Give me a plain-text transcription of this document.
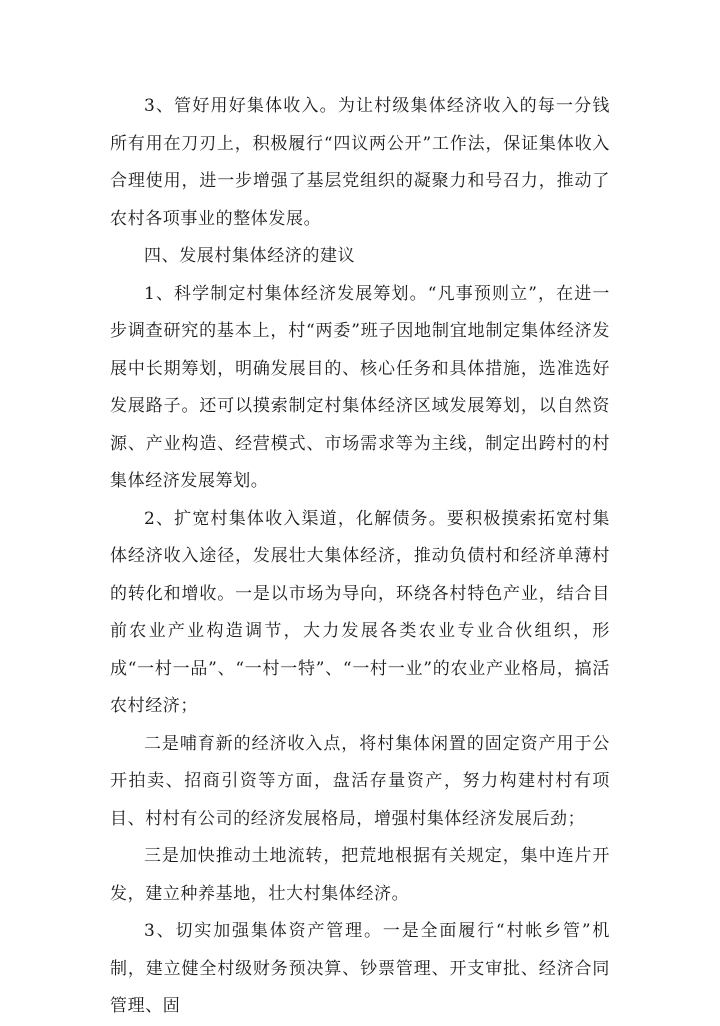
3、管好用好集体收入。为让村级集体经济收入的每一分钱所有用在刀刃上，积极履行“四议两公开”工作法，保证集体收入合理使用，进一步增强了基层党组织的凝聚力和号召力，推动了农村各项事业的整体发展。

四、发展村集体经济的建议

1、科学制定村集体经济发展筹划。“凡事预则立”，在进一步调查研究的基本上，村“两委”班子因地制宜地制定集体经济发展中长期筹划，明确发展目的、核心任务和具体措施，选准选好发展路子。还可以摸索制定村集体经济区域发展筹划，以自然资源、产业构造、经营模式、市场需求等为主线，制定出跨村的村集体经济发展筹划。

2、扩宽村集体收入渠道，化解债务。要积极摸索拓宽村集体经济收入途径，发展壮大集体经济，推动负债村和经济单薄村的转化和增收。一是以市场为导向，环绕各村特色产业，结合目前农业产业构造调节，大力发展各类农业专业合伙组织，形成“一村一品”、“一村一特”、“一村一业”的农业产业格局，搞活农村经济；

二是哺育新的经济收入点，将村集体闲置的固定资产用于公开拍卖、招商引资等方面，盘活存量资产，努力构建村村有项目、村村有公司的经济发展格局，增强村集体经济发展后劲；

三是加快推动土地流转，把荒地根据有关规定，集中连片开发，建立种养基地，壮大村集体经济。

3、切实加强集体资产管理。一是全面履行“村帐乡管”机制，建立健全村级财务预决算、钞票管理、开支审批、经济合同管理、固
